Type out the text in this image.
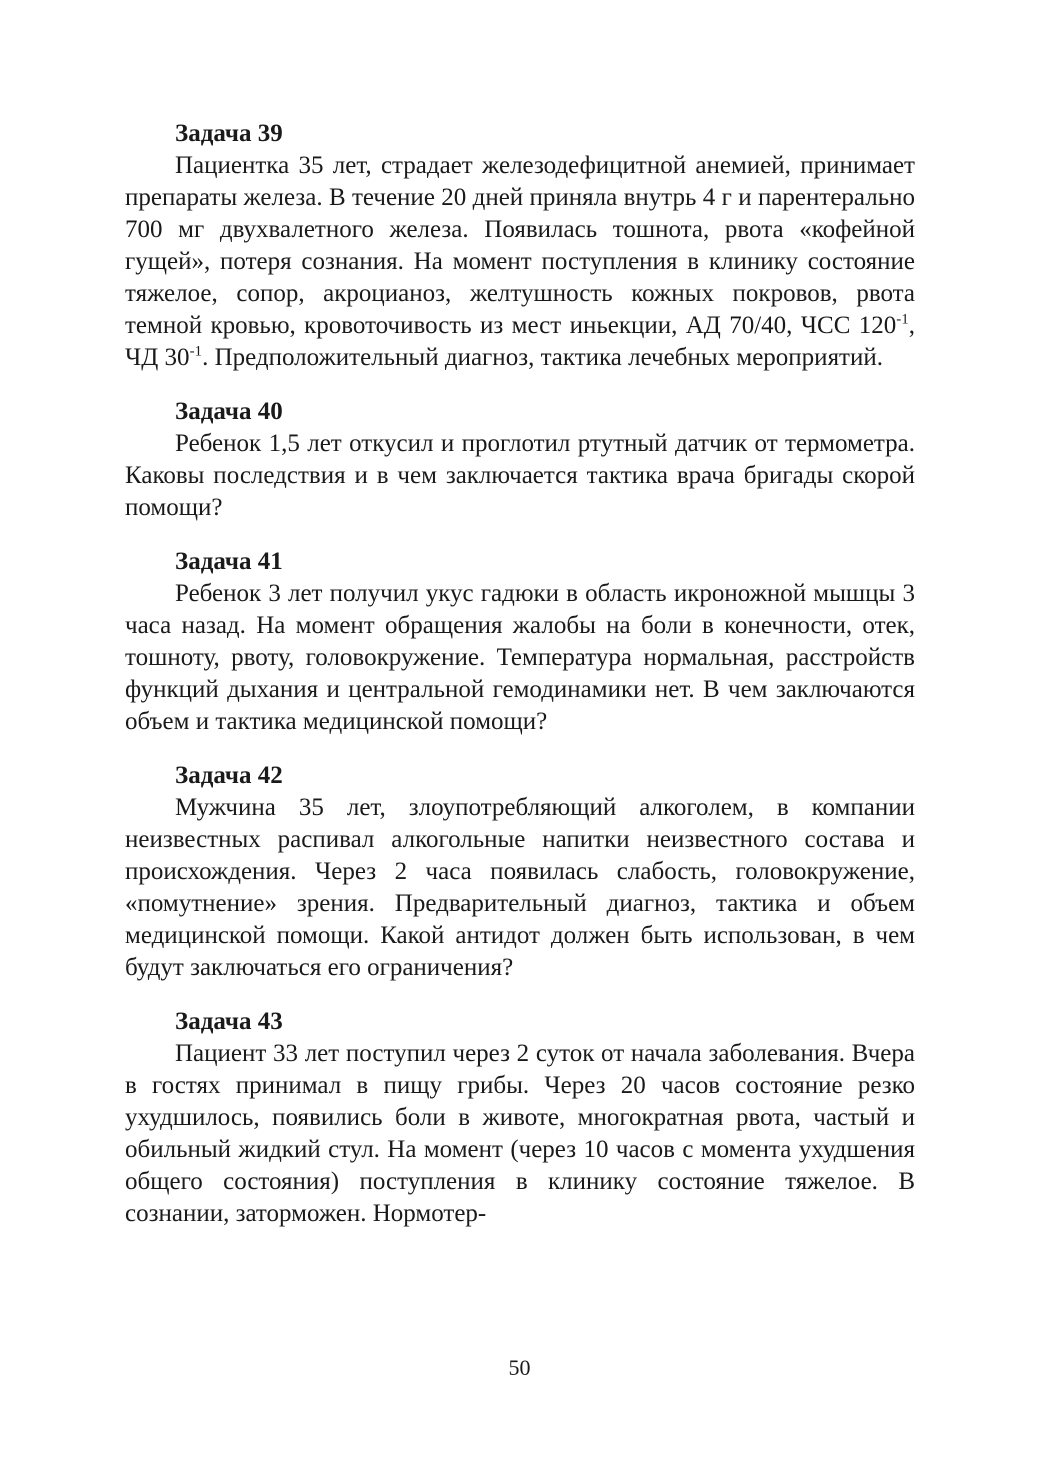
Задача 39

Пациентка 35 лет, страдает железодефицитной анемией, принимает препараты железа. В течение 20 дней приняла внутрь 4 г и парентерально 700 мг двухвалетного железа. Появилась тошнота, рвота «кофейной гущей», потеря сознания. На момент поступления в клинику состояние тяжелое, сопор, акроцианоз, желтушность кожных покровов, рвота темной кровью, кровоточивость из мест иньекции, АД 70/40, ЧСС $120^{-1}$, ЧД $30^{-1}$. Предположительный диагноз, тактика лечебных мероприятий.

Задача 40

Ребенок 1,5 лет откусил и проглотил ртутный датчик от термометра. Каковы последствия и в чем заключается тактика врача бригады скорой помощи?

Задача 41

Ребенок 3 лет получил укус гадюки в область икроножной мышцы 3 часа назад. На момент обращения жалобы на боли в конечности, отек, тошноту, рвоту, головокружение. Температура нормальная, расстройств функций дыхания и центральной гемодинамики нет. В чем заключаются объем и тактика медицинской помощи?

Задача 42

Мужчина 35 лет, злоупотребляющий алкоголем, в компании неизвестных распивал алкогольные напитки неизвестного состава и происхождения. Через 2 часа появилась слабость, головокружение, «помутнение» зрения. Предварительный диагноз, тактика и объем медицинской помощи. Какой антидот должен быть использован, в чем будут заключаться его ограничения?

Задача 43

Пациент 33 лет поступил через 2 суток от начала заболевания. Вчера в гостях принимал в пищу грибы. Через 20 часов состояние резко ухудшилось, появились боли в животе, многократная рвота, частый и обильный жидкий стул. На момент (через 10 часов с момента ухудшения общего состояния) поступления в клинику состояние тяжелое. В сознании, заторможен. Нормотер-

50
